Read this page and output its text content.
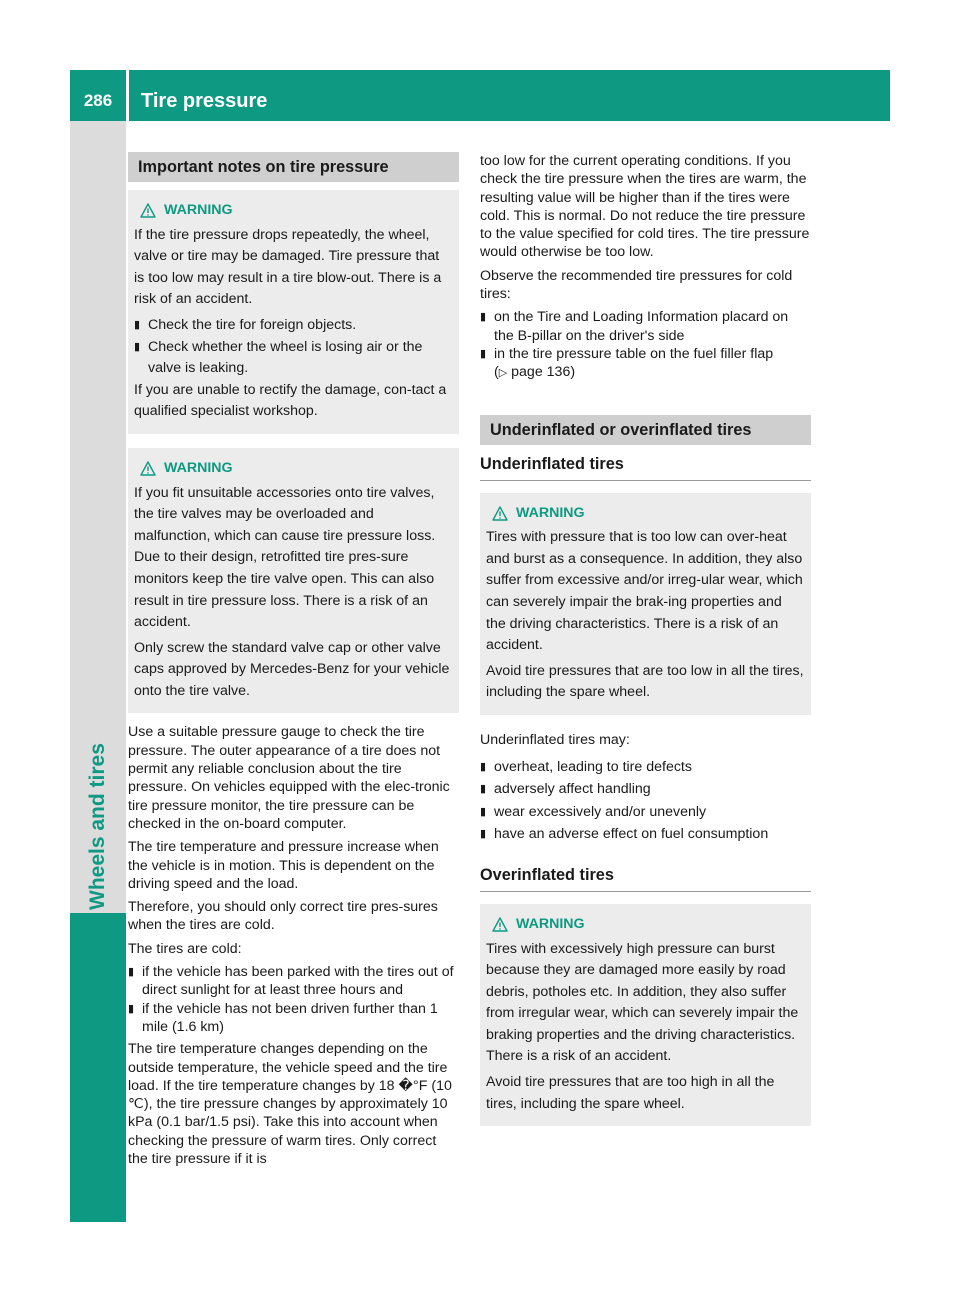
286	Tire pressure
Wheels and tires
Important notes on tire pressure
WARNING

If the tire pressure drops repeatedly, the wheel, valve or tire may be damaged. Tire pressure that is too low may result in a tire blow-out. There is a risk of an accident.

▮ Check the tire for foreign objects.
▮ Check whether the wheel is losing air or the valve is leaking.

If you are unable to rectify the damage, con-tact a qualified specialist workshop.

WARNING

If you fit unsuitable accessories onto tire valves, the tire valves may be overloaded and malfunction, which can cause tire pressure loss. Due to their design, retrofitted tire pres-sure monitors keep the tire valve open. This can also result in tire pressure loss. There is a risk of an accident.

Only screw the standard valve cap or other valve caps approved by Mercedes-Benz for your vehicle onto the tire valve.

Use a suitable pressure gauge to check the tire pressure. The outer appearance of a tire does not permit any reliable conclusion about the tire pressure. On vehicles equipped with the elec-tronic tire pressure monitor, the tire pressure can be checked in the on-board computer.

The tire temperature and pressure increase when the vehicle is in motion. This is dependent on the driving speed and the load.

Therefore, you should only correct tire pres-sures when the tires are cold.

The tires are cold:

▮ if the vehicle has been parked with the tires out of direct sunlight for at least three hours and
▮ if the vehicle has not been driven further than 1 mile (1.6 km)

The tire temperature changes depending on the outside temperature, the vehicle speed and the tire load. If the tire temperature changes by 18 �°F (10 ℃), the tire pressure changes by approximately 10 kPa (0.1 bar/1.5 psi). Take this into account when checking the pressure of warm tires. Only correct the tire pressure if it is

too low for the current operating conditions. If you check the tire pressure when the tires are warm, the resulting value will be higher than if the tires were cold. This is normal. Do not reduce the tire pressure to the value specified for cold tires. The tire pressure would otherwise be too low.

Observe the recommended tire pressures for cold tires:

▮ on the Tire and Loading Information placard on the B-pillar on the driver's side
▮ in the tire pressure table on the fuel filler flap
(▷ page 136)
Underinflated or overinflated tires
Underinflated tires
WARNING

Tires with pressure that is too low can over-heat and burst as a consequence. In addition, they also suffer from excessive and/or irreg-ular wear, which can severely impair the brak-ing properties and the driving characteristics. There is a risk of an accident.

Avoid tire pressures that are too low in all the tires, including the spare wheel.

Underinflated tires may:

▮ overheat, leading to tire defects
▮ adversely affect handling
▮ wear excessively and/or unevenly
▮ have an adverse effect on fuel consumption
Overinflated tires
WARNING

Tires with excessively high pressure can burst because they are damaged more easily by road debris, potholes etc. In addition, they also suffer from irregular wear, which can severely impair the braking properties and the driving characteristics. There is a risk of an accident.

Avoid tire pressures that are too high in all the tires, including the spare wheel.
